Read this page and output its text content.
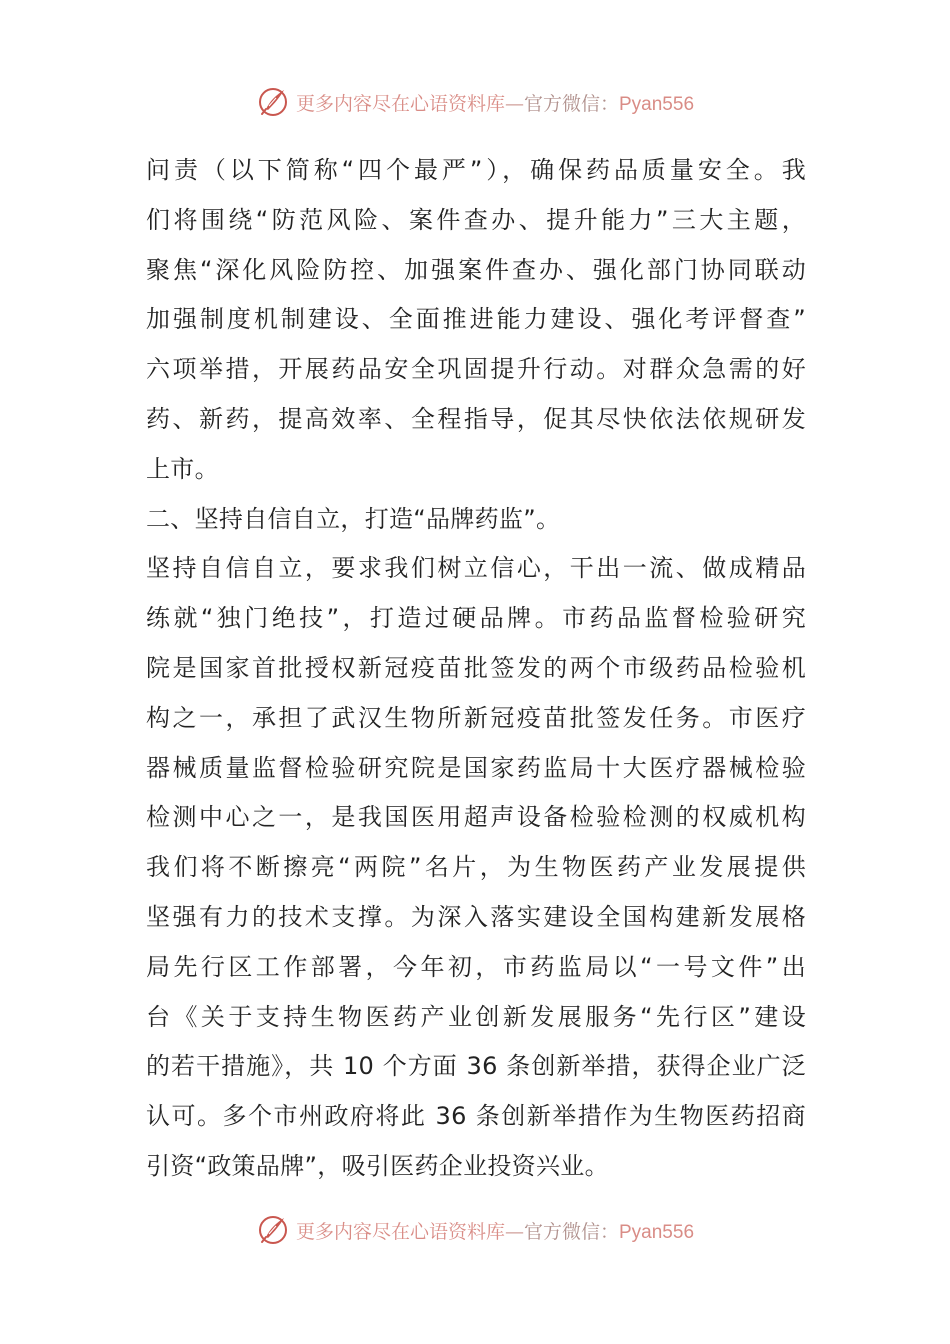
更多内容尽在心语资料库—官方微信：Pyan556
问责（以下简称“四个最严”），确保药品质量安全。我
们将围绕“防范风险、案件查办、提升能力”三大主题，
聚焦“深化风险防控、加强案件查办、强化部门协同联动
加强制度机制建设、全面推进能力建设、强化考评督查”
六项举措，开展药品安全巩固提升行动。对群众急需的好
药、新药，提高效率、全程指导，促其尽快依法依规研发
上市。
二、坚持自信自立，打造“品牌药监”。
坚持自信自立，要求我们树立信心，干出一流、做成精品
练就“独门绝技”，打造过硬品牌。市药品监督检验研究
院是国家首批授权新冠疫苗批签发的两个市级药品检验机
构之一，承担了武汉生物所新冠疫苗批签发任务。市医疗
器械质量监督检验研究院是国家药监局十大医疗器械检验
检测中心之一，是我国医用超声设备检验检测的权威机构
我们将不断擦亮“两院”名片，为生物医药产业发展提供
坚强有力的技术支撑。为深入落实建设全国构建新发展格
局先行区工作部署，今年初，市药监局以“一号文件”出
台《关于支持生物医药产业创新发展服务“先行区”建设
的若干措施》，共 10 个方面 36 条创新举措，获得企业广泛
认可。多个市州政府将此 36 条创新举措作为生物医药招商
引资“政策品牌”，吸引医药企业投资兴业。
更多内容尽在心语资料库—官方微信：Pyan556
